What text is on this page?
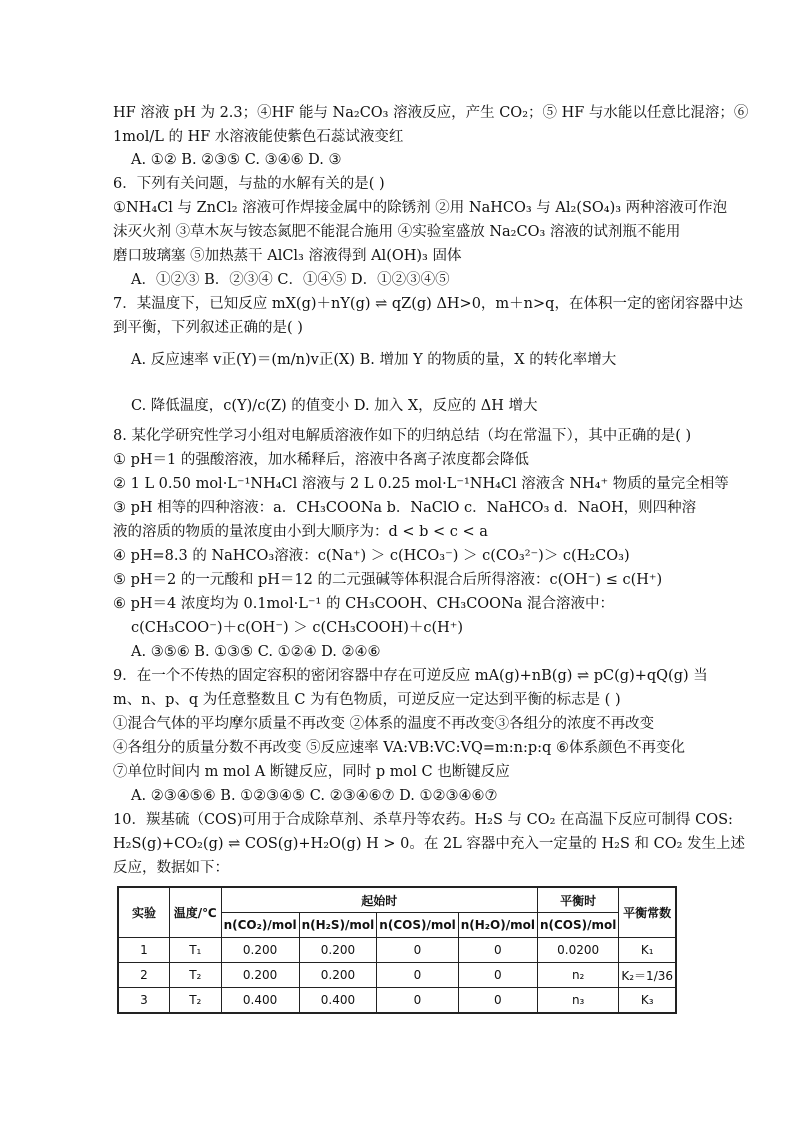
HF 溶液 pH 为 2.3；④HF 能与 Na₂CO₃ 溶液反应，产生 CO₂；⑤ HF 与水能以任意比混溶；⑥
1mol/L 的 HF 水溶液能使紫色石蕊试液变红
A. ①② B. ②③⑤ C. ③④⑥ D. ③
6．下列有关问题，与盐的水解有关的是( )
①NH₄Cl 与 ZnCl₂ 溶液可作焊接金属中的除锈剂 ②用 NaHCO₃ 与 Al₂(SO₄)₃ 两种溶液可作泡
沫灭火剂 ③草木灰与铵态氮肥不能混合施用 ④实验室盛放 Na₂CO₃ 溶液的试剂瓶不能用
磨口玻璃塞 ⑤加热蒸干 AlCl₃ 溶液得到 Al(OH)₃ 固体
A．①②③ B．②③④ C．①④⑤ D．①②③④⑤
7．某温度下，已知反应 mX(g)＋nY(g) ⇌ qZ(g) ΔH>0，m＋n>q，在体积一定的密闭容器中达
到平衡，下列叙述正确的是( )
A. 反应速率 v正(Y)＝(m/n)v正(X) B. 增加 Y 的物质的量，X 的转化率增大
C. 降低温度，c(Y)/c(Z) 的值变小 D. 加入 X，反应的 ΔH 增大
8. 某化学研究性学习小组对电解质溶液作如下的归纳总结（均在常温下），其中正确的是( )
① pH＝1 的强酸溶液，加水稀释后，溶液中各离子浓度都会降低
② 1 L 0.50 mol·L⁻¹NH₄Cl 溶液与 2 L 0.25 mol·L⁻¹NH₄Cl 溶液含 NH₄⁺ 物质的量完全相等
③ pH 相等的四种溶液：a．CH₃COONa b．NaClO c．NaHCO₃ d．NaOH，则四种溶
液的溶质的物质的量浓度由小到大顺序为：d < b < c < a
④ pH=8.3 的 NaHCO₃溶液：c(Na⁺) ＞ c(HCO₃⁻) ＞ c(CO₃²⁻)＞ c(H₂CO₃)
⑤ pH＝2 的一元酸和 pH＝12 的二元强碱等体积混合后所得溶液：c(OH⁻) ≤ c(H⁺)
⑥ pH＝4 浓度均为 0.1mol·L⁻¹ 的 CH₃COOH、CH₃COONa 混合溶液中：
c(CH₃COO⁻)＋c(OH⁻) ＞ c(CH₃COOH)＋c(H⁺)
A. ③⑤⑥ B. ①③⑤ C. ①②④ D. ②④⑥
9．在一个不传热的固定容积的密闭容器中存在可逆反应 mA(g)+nB(g) ⇌ pC(g)+qQ(g) 当
m、n、p、q 为任意整数且 C 为有色物质，可逆反应一定达到平衡的标志是 ( )
①混合气体的平均摩尔质量不再改变 ②体系的温度不再改变③各组分的浓度不再改变
④各组分的质量分数不再改变 ⑤反应速率 VA:VB:VC:VQ=m:n:p:q ⑥体系颜色不再变化
⑦单位时间内 m mol A 断键反应，同时 p mol C 也断键反应
A. ②③④⑤⑥ B. ①②③④⑤ C. ②③④⑥⑦ D. ①②③④⑥⑦
10．羰基硫（COS)可用于合成除草剂、杀草丹等农药。H₂S 与 CO₂ 在高温下反应可制得 COS:
H₂S(g)+CO₂(g) ⇌ COS(g)+H₂O(g) H > 0。在 2L 容器中充入一定量的 H₂S 和 CO₂ 发生上述
反应，数据如下：
实验	温度/℃	起始时				平衡时	平衡常数
		n(CO₂)/mol	n(H₂S)/mol	n(COS)/mol	n(H₂O)/mol	n(COS)/mol	
1	T₁	0.200	0.200	0	0	0.0200	K₁
2	T₂	0.200	0.200	0	0	n₂	K₂＝1/36
3	T₂	0.400	0.400	0	0	n₃	K₃
